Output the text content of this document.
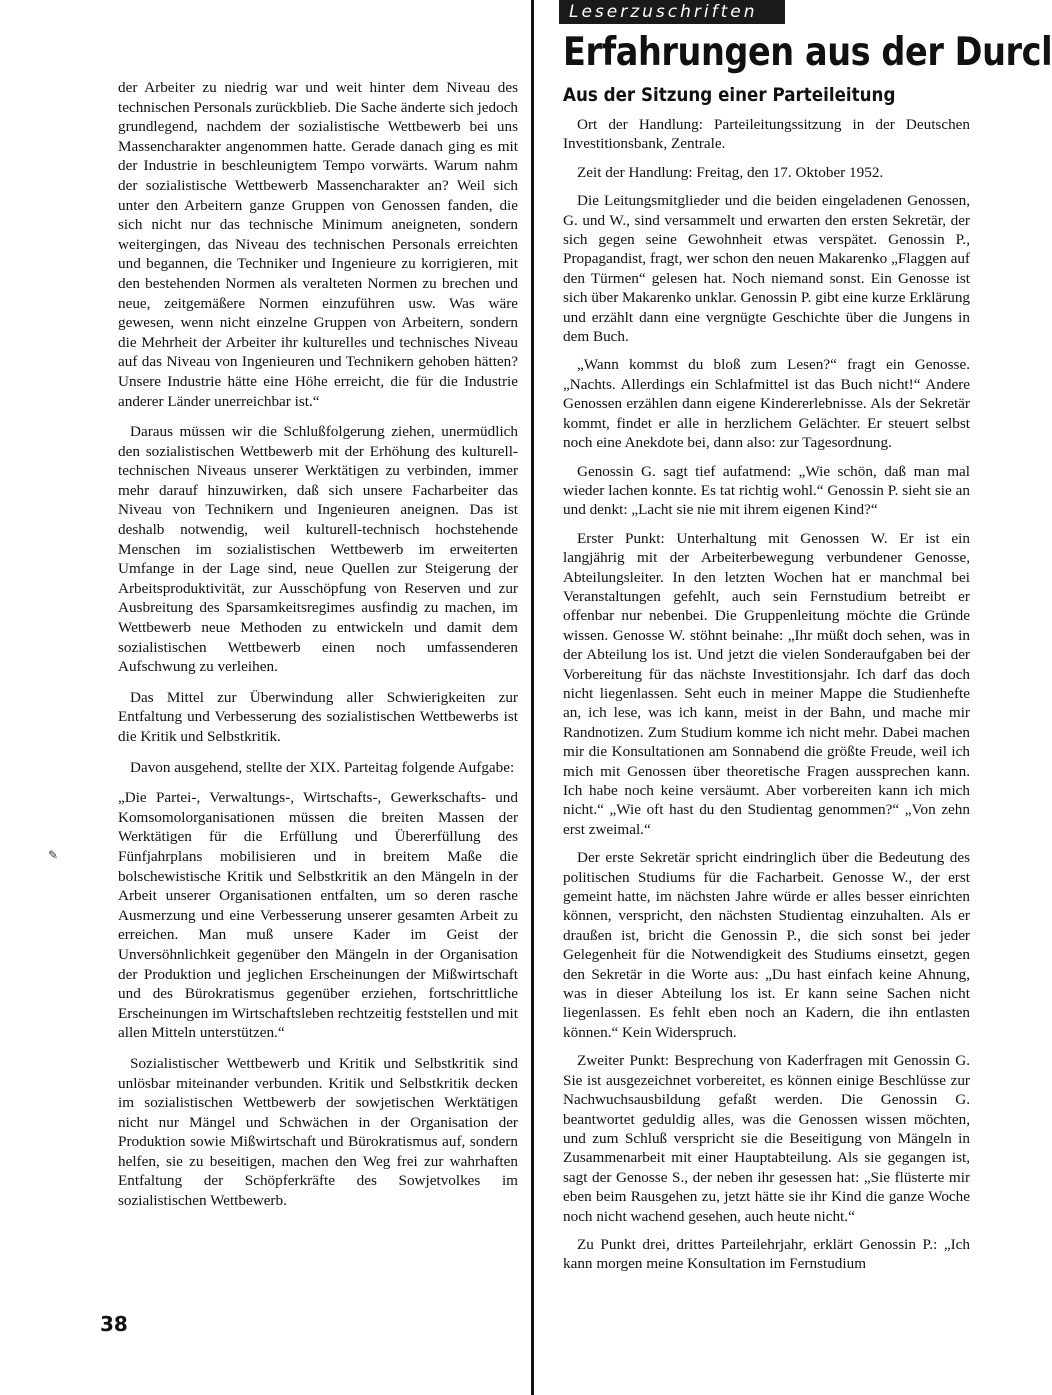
der Arbeiter zu niedrig war und weit hinter dem Niveau des technischen Personals zurückblieb. Die Sache änderte sich jedoch grundlegend, nachdem der sozialistische Wettbewerb bei uns Massencharakter angenommen hatte. Gerade danach ging es mit der Industrie in beschleunigtem Tempo vorwärts. Warum nahm der sozialistische Wettbewerb Massencharakter an? Weil sich unter den Arbeitern ganze Gruppen von Genossen fanden, die sich nicht nur das technische Minimum aneigneten, sondern weitergingen, das Niveau des technischen Personals erreichten und begannen, die Techniker und Ingenieure zu korrigieren, mit den bestehenden Normen als veralteten Normen zu brechen und neue, zeitgemäßere Normen einzuführen usw. Was wäre gewesen, wenn nicht einzelne Gruppen von Arbeitern, sondern die Mehrheit der Arbeiter ihr kulturelles und technisches Niveau auf das Niveau von Ingenieuren und Technikern gehoben hätten? Unsere Industrie hätte eine Höhe erreicht, die für die Industrie anderer Länder unerreichbar ist.“

Daraus müssen wir die Schlußfolgerung ziehen, unermüdlich den sozialistischen Wettbewerb mit der Erhöhung des kulturell-technischen Niveaus unserer Werktätigen zu verbinden, immer mehr darauf hinzuwirken, daß sich unsere Facharbeiter das Niveau von Technikern und Ingenieuren aneignen. Das ist deshalb notwendig, weil kulturell-technisch hochstehende Menschen im sozialistischen Wettbewerb im erweiterten Umfange in der Lage sind, neue Quellen zur Steigerung der Arbeitsproduktivität, zur Ausschöpfung von Reserven und zur Ausbreitung des Sparsamkeitsregimes ausfindig zu machen, im Wettbewerb neue Methoden zu entwickeln und damit dem sozialistischen Wettbewerb einen noch umfassenderen Aufschwung zu verleihen.

Das Mittel zur Überwindung aller Schwierigkeiten zur Entfaltung und Verbesserung des sozialistischen Wettbewerbs ist die Kritik und Selbstkritik.

Davon ausgehend, stellte der XIX. Parteitag folgende Aufgabe:

„Die Partei-, Verwaltungs-, Wirtschafts-, Gewerkschafts- und Komsomolorganisationen müssen die breiten Massen der Werktätigen für die Erfüllung und Übererfüllung des Fünfjahrplans mobilisieren und in breitem Maße die bolschewistische Kritik und Selbstkritik an den Mängeln in der Arbeit unserer Organisationen entfalten, um so deren rasche Ausmerzung und eine Verbesserung unserer gesamten Arbeit zu erreichen. Man muß unsere Kader im Geist der Unversöhnlichkeit gegenüber den Mängeln in der Organisation der Produktion und jeglichen Erscheinungen der Mißwirtschaft und des Bürokratismus gegenüber erziehen, fortschrittliche Erscheinungen im Wirtschaftsleben rechtzeitig feststellen und mit allen Mitteln unterstützen.“

Sozialistischer Wettbewerb und Kritik und Selbstkritik sind unlösbar miteinander verbunden. Kritik und Selbstkritik decken im sozialistischen Wettbewerb der sowjetischen Werktätigen nicht nur Mängel und Schwächen in der Organisation der Produktion sowie Mißwirtschaft und Bürokratismus auf, sondern helfen, sie zu beseitigen, machen den Weg frei zur wahrhaften Entfaltung der Schöpferkräfte des Sowjetvolkes im sozialistischen Wettbewerb.

38
✎
Leserzuschriften
Erfahrungen aus der Durcl
Aus der Sitzung einer Parteileitung

Ort der Handlung: Parteileitungssitzung in der Deutschen Investitionsbank, Zentrale.

Zeit der Handlung: Freitag, den 17. Oktober 1952.

Die Leitungsmitglieder und die beiden eingeladenen Genossen, G. und W., sind versammelt und erwarten den ersten Sekretär, der sich gegen seine Gewohnheit etwas verspätet. Genossin P., Propagandist, fragt, wer schon den neuen Makarenko „Flaggen auf den Türmen“ gelesen hat. Noch niemand sonst. Ein Genosse ist sich über Makarenko unklar. Genossin P. gibt eine kurze Erklärung und erzählt dann eine vergnügte Geschichte über die Jungens in dem Buch.

„Wann kommst du bloß zum Lesen?“ fragt ein Genosse. „Nachts. Allerdings ein Schlafmittel ist das Buch nicht!“ Andere Genossen erzählen dann eigene Kindererlebnisse. Als der Sekretär kommt, findet er alle in herzlichem Gelächter. Er steuert selbst noch eine Anekdote bei, dann also: zur Tagesordnung.

Genossin G. sagt tief aufatmend: „Wie schön, daß man mal wieder lachen konnte. Es tat richtig wohl.“ Genossin P. sieht sie an und denkt: „Lacht sie nie mit ihrem eigenen Kind?“

Erster Punkt: Unterhaltung mit Genossen W. Er ist ein langjährig mit der Arbeiterbewegung verbundener Genosse, Abteilungsleiter. In den letzten Wochen hat er manchmal bei Veranstaltungen gefehlt, auch sein Fernstudium betreibt er offenbar nur nebenbei. Die Gruppenleitung möchte die Gründe wissen. Genosse W. stöhnt beinahe: „Ihr müßt doch sehen, was in der Abteilung los ist. Und jetzt die vielen Sonderaufgaben bei der Vorbereitung für das nächste Investitionsjahr. Ich darf das doch nicht liegenlassen. Seht euch in meiner Mappe die Studienhefte an, ich lese, was ich kann, meist in der Bahn, und mache mir Randnotizen. Zum Studium komme ich nicht mehr. Dabei machen mir die Konsultationen am Sonnabend die größte Freude, weil ich mich mit Genossen über theoretische Fragen aussprechen kann. Ich habe noch keine versäumt. Aber vorbereiten kann ich mich nicht.“ „Wie oft hast du den Studientag genommen?“ „Von zehn erst zweimal.“

Der erste Sekretär spricht eindringlich über die Bedeutung des politischen Studiums für die Facharbeit. Genosse W., der erst gemeint hatte, im nächsten Jahre würde er alles besser einrichten können, verspricht, den nächsten Studientag einzuhalten. Als er draußen ist, bricht die Genossin P., die sich sonst bei jeder Gelegenheit für die Notwendigkeit des Studiums einsetzt, gegen den Sekretär in die Worte aus: „Du hast einfach keine Ahnung, was in dieser Abteilung los ist. Er kann seine Sachen nicht liegenlassen. Es fehlt eben noch an Kadern, die ihn entlasten können.“ Kein Widerspruch.

Zweiter Punkt: Besprechung von Kaderfragen mit Genossin G. Sie ist ausgezeichnet vorbereitet, es können einige Beschlüsse zur Nachwuchsausbildung gefaßt werden. Die Genossin G. beantwortet geduldig alles, was die Genossen wissen möchten, und zum Schluß verspricht sie die Beseitigung von Mängeln in Zusammenarbeit mit einer Hauptabteilung. Als sie gegangen ist, sagt der Genosse S., der neben ihr gesessen hat: „Sie flüsterte mir eben beim Rausgehen zu, jetzt hätte sie ihr Kind die ganze Woche noch nicht wachend gesehen, auch heute nicht.“

Zu Punkt drei, drittes Parteilehrjahr, erklärt Genossin P.: „Ich kann morgen meine Konsultation im Fernstudium
